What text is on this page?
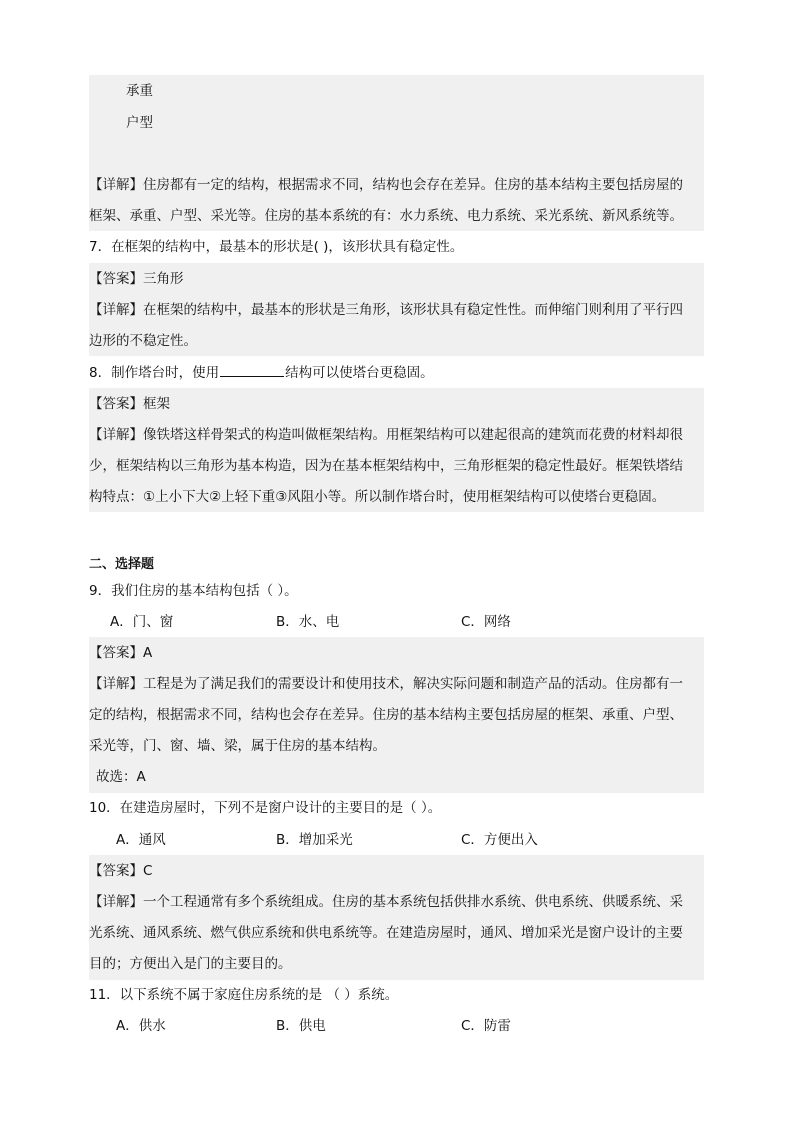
承重
户型
【详解】住房都有一定的结构，根据需求不同，结构也会存在差异。住房的基本结构主要包括房屋的
框架、承重、户型、采光等。住房的基本系统的有：水力系统、电力系统、采光系统、新风系统等。
7．在框架的结构中，最基本的形状是( )，该形状具有稳定性。
【答案】三角形
【详解】在框架的结构中，最基本的形状是三角形，该形状具有稳定性性。而伸缩门则利用了平行四
边形的不稳定性。
8．制作塔台时，使用	结构可以使塔台更稳固。
【答案】框架
【详解】像铁塔这样骨架式的构造叫做框架结构。用框架结构可以建起很高的建筑而花费的材料却很
少，框架结构以三角形为基本构造，因为在基本框架结构中，三角形框架的稳定性最好。框架铁塔结
构特点：①上小下大②上轻下重③风阻小等。所以制作塔台时，使用框架结构可以使塔台更稳固。
二、选择题
9．我们住房的基本结构包括（ ）。
A．门、窗	B．水、电	C．网络
【答案】A
【详解】工程是为了满足我们的需要设计和使用技术，解决实际问题和制造产品的活动。住房都有一
定的结构，根据需求不同，结构也会存在差异。住房的基本结构主要包括房屋的框架、承重、户型、
采光等，门、窗、墙、梁，属于住房的基本结构。
故选：A
10．在建造房屋时，下列不是窗户设计的主要目的是（ ）。
A．通风	B．增加采光	C．方便出入
【答案】C
【详解】一个工程通常有多个系统组成。住房的基本系统包括供排水系统、供电系统、供暖系统、采
光系统、通风系统、燃气供应系统和供电系统等。在建造房屋时，通风、增加采光是窗户设计的主要
目的；方便出入是门的主要目的。
11．以下系统不属于家庭住房系统的是 （ ）系统。
A．供水	B．供电	C．防雷
